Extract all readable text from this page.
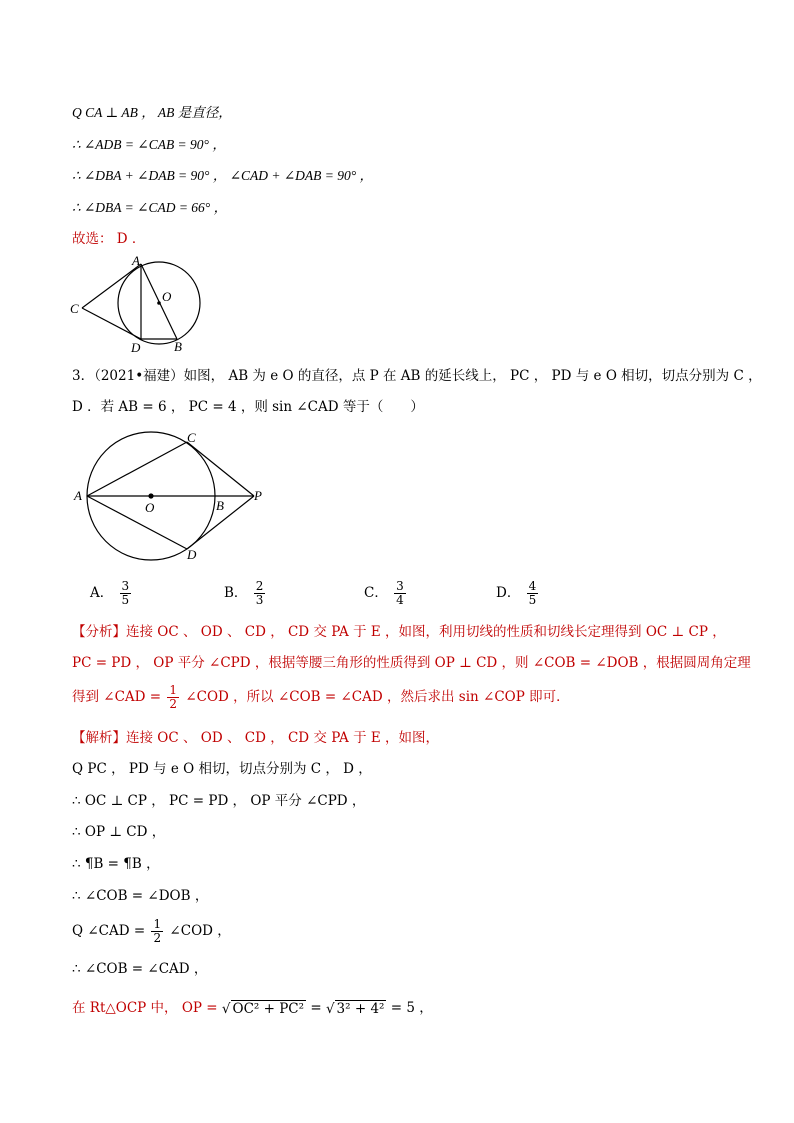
Q CA ⊥ AB ， AB 是直径，
∴ ∠ADB = ∠CAB = 90° ，
∴ ∠DBA + ∠DAB = 90° ， ∠CAD + ∠DAB = 90° ，
∴ ∠DBA = ∠CAD = 66° ，
故选： D ．
A
O
C
D	B
3．（2021•福建）如图， AB 为 e O 的直径，点 P 在 AB 的延长线上， PC ， PD 与 e O 相切，切点分别为 C ，
D ．若 AB = 6 ， PC = 4 ，则 sin ∠CAD 等于（　　）
C
A
O	B
P
D
A． $\frac{3}{5}$	B． $\frac{2}{3}$	C． $\frac{3}{4}$	D． $\frac{4}{5}$
【分析】连接 OC 、 OD 、 CD ， CD 交 PA 于 E ，如图，利用切线的性质和切线长定理得到 OC ⊥ CP ，
PC = PD ， OP 平分 ∠CPD ，根据等腰三角形的性质得到 OP ⊥ CD ，则 ∠COB = ∠DOB ，根据圆周角定理
得到 ∠CAD = $\frac{1}{2}$ ∠COD ，所以 ∠COB = ∠CAD ，然后求出 sin ∠COP 即可．
【解析】连接 OC 、 OD 、 CD ， CD 交 PA 于 E ，如图，
Q PC ， PD 与 e O 相切，切点分别为 C ， D ，
∴ OC ⊥ CP ， PC = PD ， OP 平分 ∠CPD ，
∴ OP ⊥ CD ，
∴ ¶B = ¶B ，
∴ ∠COB = ∠DOB ，
Q ∠CAD = $\frac{1}{2}$ ∠COD ，
∴ ∠COB = ∠CAD ，
在 Rt△OCP 中， OP = √ OC² + PC² = √ 3² + 4² = 5 ，
